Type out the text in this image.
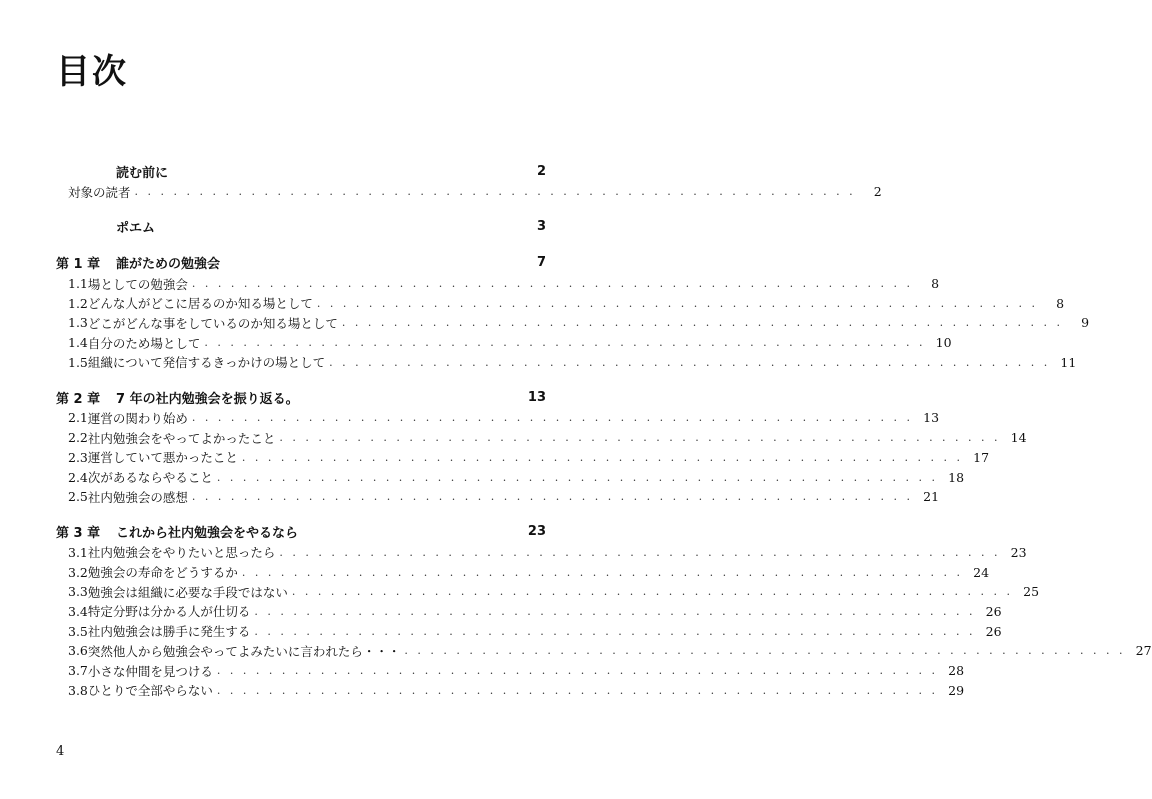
目次
読む前に	2
対象の読者 . . . . . . . . . . . . . . . . . . . . . . . . . . . . . . . . . . . . . . . . . . . . . . . . . . . . . . . .	2
ポエム	3
第 1 章	誰がための勉強会	7
1.1 場としての勉強会 . . . . . . . . . . . . . . . . . . . . . . . . . . . . . . . . . . . . . . . . . . . . . . . . . . . . . . . .	8
1.2 どんな人がどこに居るのか知る場として . . . . . . . . . . . . . . . . . . . . . . . . . . . . . . . . . . . . . . . . . . . . . . . . . . . . . . . .	8
1.3 どこがどんな事をしているのか知る場として . . . . . . . . . . . . . . . . . . . . . . . . . . . . . . . . . . . . . . . . . . . . . . . . . . . . . . . .	9
1.4 自分のため場として . . . . . . . . . . . . . . . . . . . . . . . . . . . . . . . . . . . . . . . . . . . . . . . . . . . . . . . . 10
1.5 組織について発信するきっかけの場として . . . . . . . . . . . . . . . . . . . . . . . . . . . . . . . . . . . . . . . . . . . . . . . . . . . . . . . . 11
第 2 章	7 年の社内勉強会を振り返る。	13
2.1 運営の関わり始め . . . . . . . . . . . . . . . . . . . . . . . . . . . . . . . . . . . . . . . . . . . . . . . . . . . . . . . . 13
2.2 社内勉強会をやってよかったこと . . . . . . . . . . . . . . . . . . . . . . . . . . . . . . . . . . . . . . . . . . . . . . . . . . . . . . . . 14
2.3 運営していて悪かったこと . . . . . . . . . . . . . . . . . . . . . . . . . . . . . . . . . . . . . . . . . . . . . . . . . . . . . . . . 17
2.4 次があるならやること . . . . . . . . . . . . . . . . . . . . . . . . . . . . . . . . . . . . . . . . . . . . . . . . . . . . . . . . 18
2.5 社内勉強会の感想 . . . . . . . . . . . . . . . . . . . . . . . . . . . . . . . . . . . . . . . . . . . . . . . . . . . . . . . . 21
第 3 章	これから社内勉強会をやるなら	23
3.1 社内勉強会をやりたいと思ったら . . . . . . . . . . . . . . . . . . . . . . . . . . . . . . . . . . . . . . . . . . . . . . . . . . . . . . . . 23
3.2 勉強会の寿命をどうするか . . . . . . . . . . . . . . . . . . . . . . . . . . . . . . . . . . . . . . . . . . . . . . . . . . . . . . . . 24
3.3 勉強会は組織に必要な手段ではない . . . . . . . . . . . . . . . . . . . . . . . . . . . . . . . . . . . . . . . . . . . . . . . . . . . . . . . . 25
3.4 特定分野は分かる人が仕切る . . . . . . . . . . . . . . . . . . . . . . . . . . . . . . . . . . . . . . . . . . . . . . . . . . . . . . . . 26
3.5 社内勉強会は勝手に発生する . . . . . . . . . . . . . . . . . . . . . . . . . . . . . . . . . . . . . . . . . . . . . . . . . . . . . . . . 26
3.6 突然他人から勉強会やってよみたいに言われたら・・・ . . . . . . . . . . . . . . . . . . . . . . . . . . . . . . . . . . . . . . . . . . . . . . . . . . . . . . . . 27
3.7 小さな仲間を見つける . . . . . . . . . . . . . . . . . . . . . . . . . . . . . . . . . . . . . . . . . . . . . . . . . . . . . . . . 28
3.8 ひとりで全部やらない . . . . . . . . . . . . . . . . . . . . . . . . . . . . . . . . . . . . . . . . . . . . . . . . . . . . . . . . 29
4
